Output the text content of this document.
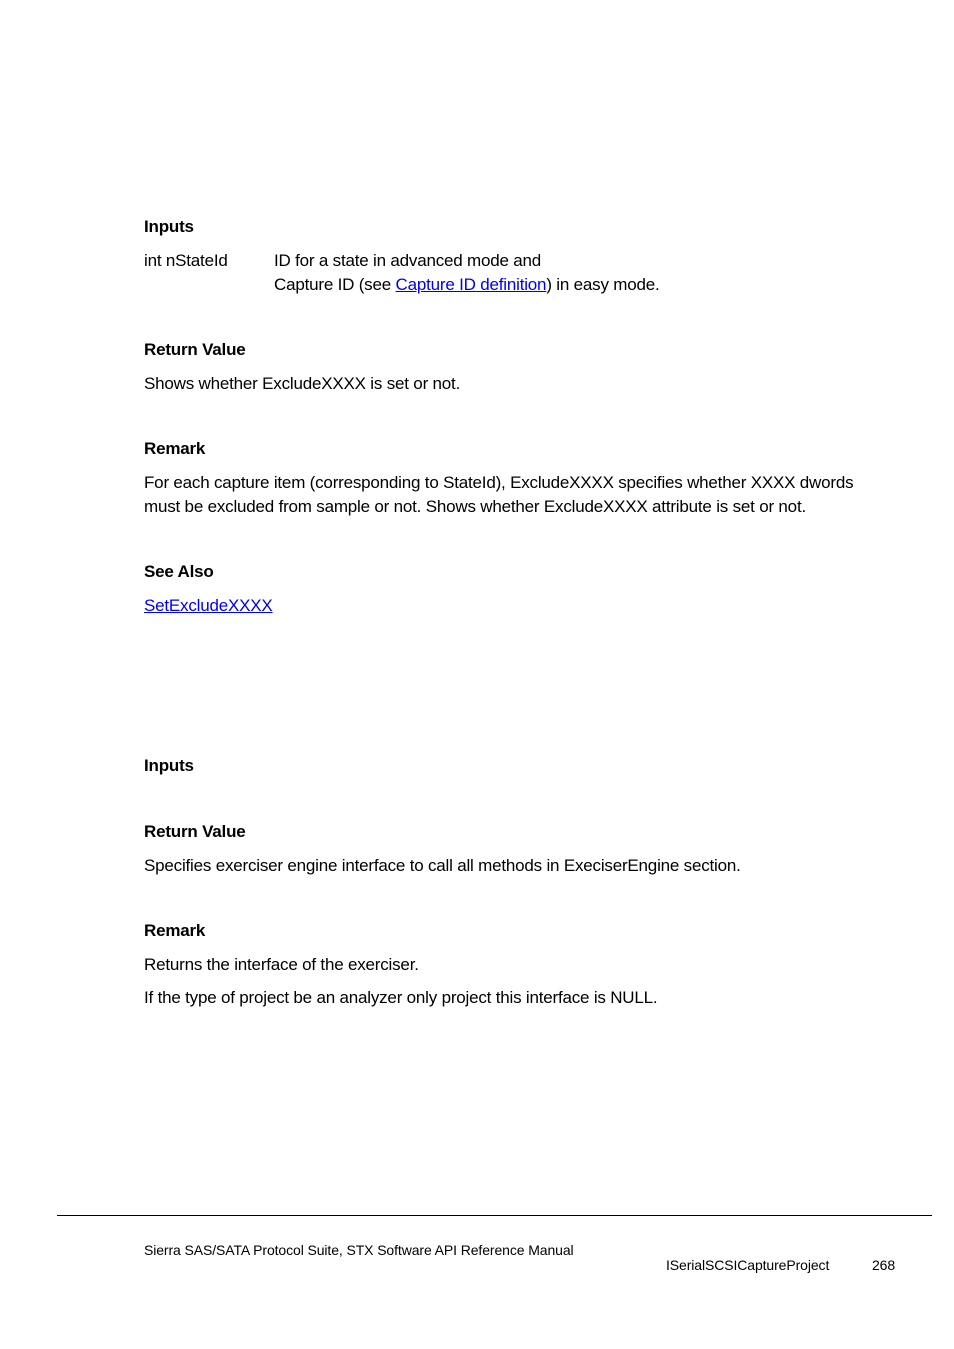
Inputs
int nStateId	ID for a state in advanced mode and
Capture ID (see Capture ID definition) in easy mode.
Return Value
Shows whether ExcludeXXXX is set or not.
Remark
For each capture item (corresponding to StateId), ExcludeXXXX specifies whether XXXX dwords
must be excluded from sample or not. Shows whether ExcludeXXXX attribute is set or not.
See Also
SetExcludeXXXX
Inputs
Return Value
Specifies exerciser engine interface to call all methods in ExeciserEngine section.
Remark
Returns the interface of the exerciser.
If the type of project be an analyzer only project this interface is NULL.
Sierra SAS/SATA Protocol Suite, STX Software API Reference Manual
ISerialSCSICaptureProject	268
